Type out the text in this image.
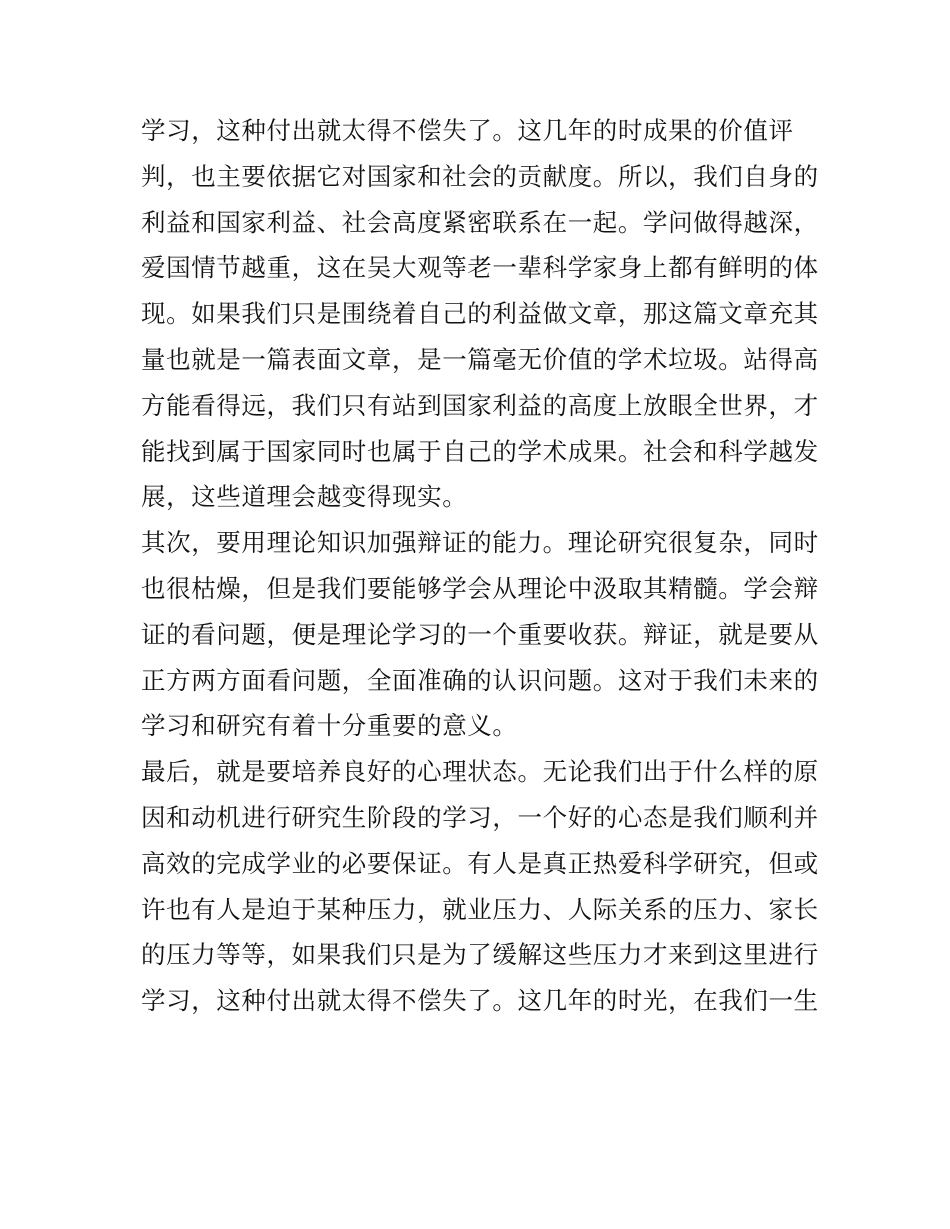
学习，这种付出就太得不偿失了。这几年的时成果的价值评
判，也主要依据它对国家和社会的贡献度。所以，我们自身的
利益和国家利益、社会高度紧密联系在一起。学问做得越深，
爱国情节越重，这在吴大观等老一辈科学家身上都有鲜明的体
现。如果我们只是围绕着自己的利益做文章，那这篇文章充其
量也就是一篇表面文章，是一篇毫无价值的学术垃圾。站得高
方能看得远，我们只有站到国家利益的高度上放眼全世界，才
能找到属于国家同时也属于自己的学术成果。社会和科学越发
展，这些道理会越变得现实。
其次，要用理论知识加强辩证的能力。理论研究很复杂，同时
也很枯燥，但是我们要能够学会从理论中汲取其精髓。学会辩
证的看问题，便是理论学习的一个重要收获。辩证，就是要从
正方两方面看问题，全面准确的认识问题。这对于我们未来的
学习和研究有着十分重要的意义。
最后，就是要培养良好的心理状态。无论我们出于什么样的原
因和动机进行研究生阶段的学习，一个好的心态是我们顺利并
高效的完成学业的必要保证。有人是真正热爱科学研究，但或
许也有人是迫于某种压力，就业压力、人际关系的压力、家长
的压力等等，如果我们只是为了缓解这些压力才来到这里进行
学习，这种付出就太得不偿失了。这几年的时光，在我们一生
